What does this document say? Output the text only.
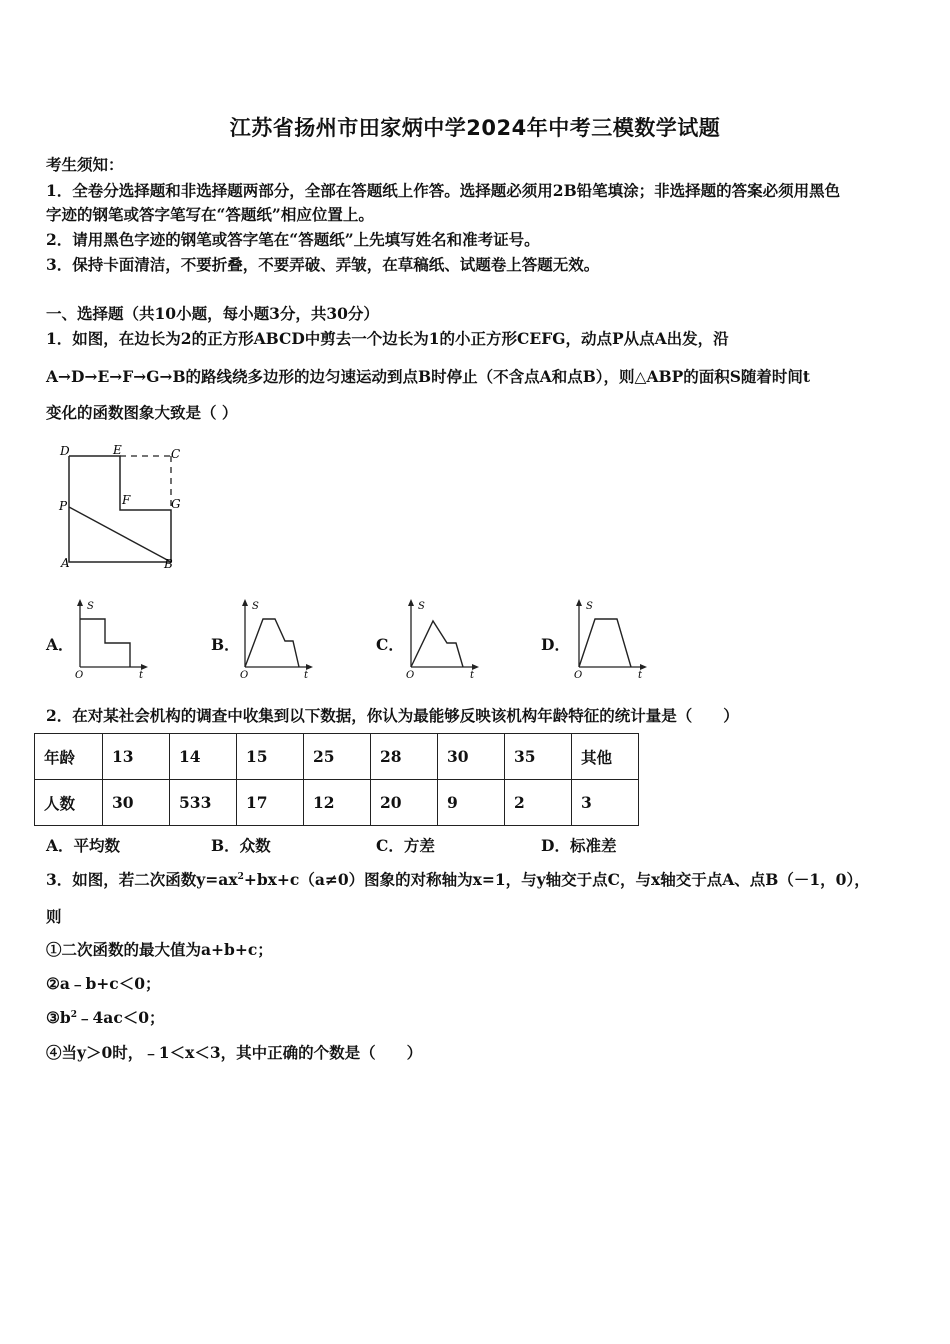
江苏省扬州市田家炳中学2024年中考三模数学试题
考生须知：
1．全卷分选择题和非选择题两部分，全部在答题纸上作答。选择题必须用2B铅笔填涂；非选择题的答案必须用黑色
字迹的钢笔或答字笔写在“答题纸”相应位置上。
2．请用黑色字迹的钢笔或答字笔在“答题纸”上先填写姓名和准考证号。
3．保持卡面清洁，不要折叠，不要弄破、弄皱，在草稿纸、试题卷上答题无效。
一、选择题（共10小题，每小题3分，共30分）
1．如图，在边长为2的正方形ABCD中剪去一个边长为1的小正方形CEFG，动点P从点A出发，沿
A→D→E→F→G→B的路线绕多边形的边匀速运动到点B时停止（不含点A和点B），则△ABP的面积S随着时间t
变化的函数图象大致是（ ）
D	E	C
P	F	G
A	B
A．
S
t
O
B．
S
t
O
C．
S
t
O
D．
S
t
O
2．在对某社会机构的调查中收集到以下数据，你认为最能够反映该机构年龄特征的统计量是（　　）
年龄	13	14	15	25	28	30	35	其他
人数	30	533	17	12	20	9	2	3
A．平均数	B．众数	C．方差	D．标准差
3．如图，若二次函数$y=ax^2+bx+c(a\ne 0)$图象的对称轴为x=1，与y轴交于点C，与x轴交于点A、点B（－1，0），
则
①二次函数的最大值为a+b+c；
②a﹣b+c＜0；
$③b^2﹣4ac<0$；
④当y＞0时，﹣1＜x＜3，其中正确的个数是（　　）
